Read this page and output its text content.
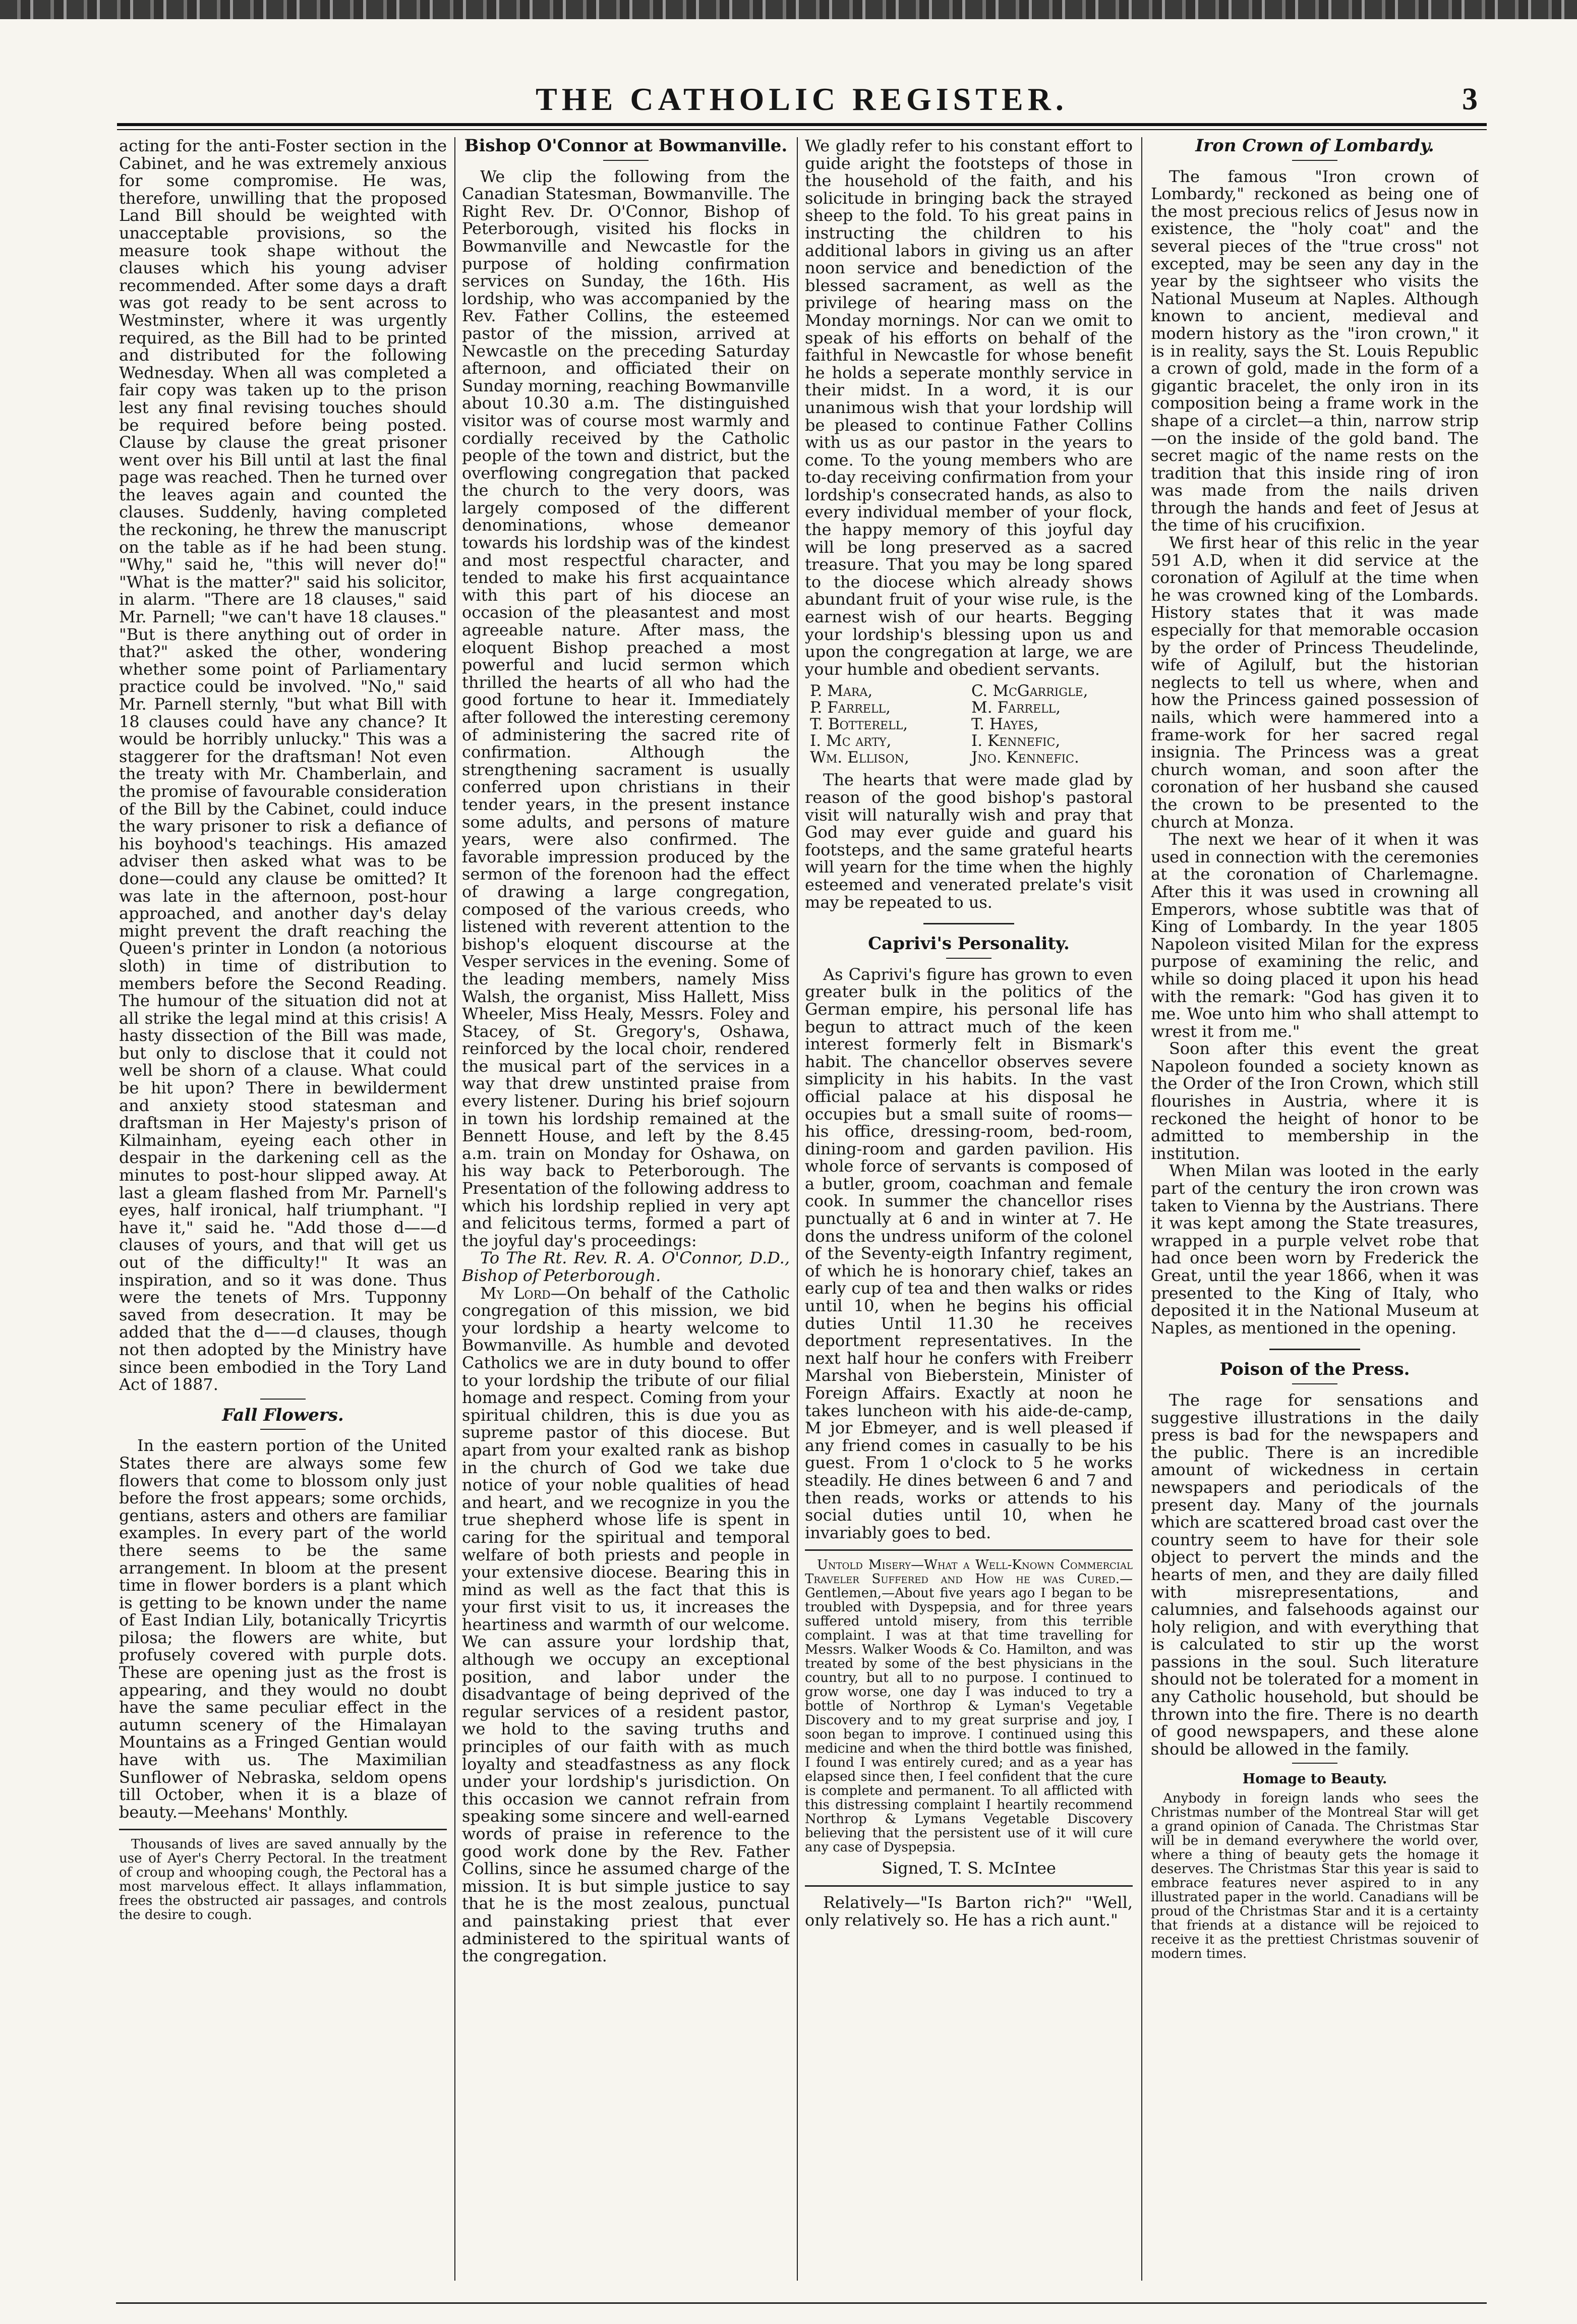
THE CATHOLIC REGISTER.	3

acting for the anti-Foster section in the Cabinet, and he was extremely anxious for some compromise. He was, therefore, unwilling that the proposed Land Bill should be weighted with unacceptable provisions, so the measure took shape without the clauses which his young adviser recommended. After some days a draft was got ready to be sent across to Westminster, where it was urgently required, as the Bill had to be printed and distributed for the following Wednesday. When all was completed a fair copy was taken up to the prison lest any final revising touches should be required before being posted. Clause by clause the great prisoner went over his Bill until at last the final page was reached. Then he turned over the leaves again and counted the clauses. Suddenly, having completed the reckoning, he threw the manuscript on the table as if he had been stung. "Why," said he, "this will never do!" "What is the matter?" said his solicitor, in alarm. "There are 18 clauses," said Mr. Parnell; "we can't have 18 clauses." "But is there anything out of order in that?" asked the other, wondering whether some point of Parliamentary practice could be involved. "No," said Mr. Parnell sternly, "but what Bill with 18 clauses could have any chance? It would be horribly unlucky." This was a staggerer for the draftsman! Not even the treaty with Mr. Chamberlain, and the promise of favourable consideration of the Bill by the Cabinet, could induce the wary prisoner to risk a defiance of his boyhood's teachings. His amazed adviser then asked what was to be done—could any clause be omitted? It was late in the afternoon, post-hour approached, and another day's delay might prevent the draft reaching the Queen's printer in London (a notorious sloth) in time of distribution to members before the Second Reading. The humour of the situation did not at all strike the legal mind at this crisis! A hasty dissection of the Bill was made, but only to disclose that it could not well be shorn of a clause. What could be hit upon? There in bewilderment and anxiety stood statesman and draftsman in Her Majesty's prison of Kilmainham, eyeing each other in despair in the darkening cell as the minutes to post-hour slipped away. At last a gleam flashed from Mr. Parnell's eyes, half ironical, half triumphant. "I have it," said he. "Add those d——d clauses of yours, and that will get us out of the difficulty!" It was an inspiration, and so it was done. Thus were the tenets of Mrs. Tupponny saved from desecration. It may be added that the d——d clauses, though not then adopted by the Ministry have since been embodied in the Tory Land Act of 1887.

Fall Flowers.

In the eastern portion of the United States there are always some few flowers that come to blossom only just before the frost appears; some orchids, gentians, asters and others are familiar examples. In every part of the world there seems to be the same arrangement. In bloom at the present time in flower borders is a plant which is getting to be known under the name of East Indian Lily, botanically Tricyrtis pilosa; the flowers are white, but profusely covered with purple dots. These are opening just as the frost is appearing, and they would no doubt have the same peculiar effect in the autumn scenery of the Himalayan Mountains as a Fringed Gentian would have with us. The Maximilian Sunflower of Nebraska, seldom opens till October, when it is a blaze of beauty.—Meehans' Monthly.

Thousands of lives are saved annually by the use of Ayer's Cherry Pectoral. In the treatment of croup and whooping cough, the Pectoral has a most marvelous effect. It allays inflammation, frees the obstructed air passages, and controls the desire to cough.

Bishop O'Connor at Bowmanville.

We clip the following from the Canadian Statesman, Bowmanville. The Right Rev. Dr. O'Connor, Bishop of Peterborough, visited his flocks in Bowmanville and Newcastle for the purpose of holding confirmation services on Sunday, the 16th. His lordship, who was accompanied by the Rev. Father Collins, the esteemed pastor of the mission, arrived at Newcastle on the preceding Saturday afternoon, and officiated their on Sunday morning, reaching Bowmanville about 10.30 a.m. The distinguished visitor was of course most warmly and cordially received by the Catholic people of the town and district, but the overflowing congregation that packed the church to the very doors, was largely composed of the different denominations, whose demeanor towards his lordship was of the kindest and most respectful character, and tended to make his first acquaintance with this part of his diocese an occasion of the pleasantest and most agreeable nature. After mass, the eloquent Bishop preached a most powerful and lucid sermon which thrilled the hearts of all who had the good fortune to hear it. Immediately after followed the interesting ceremony of administering the sacred rite of confirmation. Although the strengthening sacrament is usually conferred upon christians in their tender years, in the present instance some adults, and persons of mature years, were also confirmed. The favorable impression produced by the sermon of the forenoon had the effect of drawing a large congregation, composed of the various creeds, who listened with reverent attention to the bishop's eloquent discourse at the Vesper services in the evening. Some of the leading members, namely Miss Walsh, the organist, Miss Hallett, Miss Wheeler, Miss Healy, Messrs. Foley and Stacey, of St. Gregory's, Oshawa, reinforced by the local choir, rendered the musical part of the services in a way that drew unstinted praise from every listener. During his brief sojourn in town his lordship remained at the Bennett House, and left by the 8.45 a.m. train on Monday for Oshawa, on his way back to Peterborough. The Presentation of the following address to which his lordship replied in very apt and felicitous terms, formed a part of the joyful day's proceedings:

To The Rt. Rev. R. A. O'Connor, D.D., Bishop of Peterborough.

My Lord—On behalf of the Catholic congregation of this mission, we bid your lordship a hearty welcome to Bowmanville. As humble and devoted Catholics we are in duty bound to offer to your lordship the tribute of our filial homage and respect. Coming from your spiritual children, this is due you as supreme pastor of this diocese. But apart from your exalted rank as bishop in the church of God we take due notice of your noble qualities of head and heart, and we recognize in you the true shepherd whose life is spent in caring for the spiritual and temporal welfare of both priests and people in your extensive diocese. Bearing this in mind as well as the fact that this is your first visit to us, it increases the heartiness and warmth of our welcome. We can assure your lordship that, although we occupy an exceptional position, and labor under the disadvantage of being deprived of the regular services of a resident pastor, we hold to the saving truths and principles of our faith with as much loyalty and steadfastness as any flock under your lordship's jurisdiction. On this occasion we cannot refrain from speaking some sincere and well-earned words of praise in reference to the good work done by the Rev. Father Collins, since he assumed charge of the mission. It is but simple justice to say that he is the most zealous, punctual and painstaking priest that ever administered to the spiritual wants of the congregation.

We gladly refer to his constant effort to guide aright the footsteps of those in the household of the faith, and his solicitude in bringing back the strayed sheep to the fold. To his great pains in instructing the children to his additional labors in giving us an after noon service and benediction of the blessed sacrament, as well as the privilege of hearing mass on the Monday mornings. Nor can we omit to speak of his efforts on behalf of the faithful in Newcastle for whose benefit he holds a seperate monthly service in their midst. In a word, it is our unanimous wish that your lordship will be pleased to continue Father Collins with us as our pastor in the years to come. To the young members who are to-day receiving confirmation from your lordship's consecrated hands, as also to every individual member of your flock, the happy memory of this joyful day will be long preserved as a sacred treasure. That you may be long spared to the diocese which already shows abundant fruit of your wise rule, is the earnest wish of our hearts. Begging your lordship's blessing upon us and upon the congregation at large, we are your humble and obedient servants.

P. Mara,	C. McGarrigle,
P. Farrell,	M. Farrell,
T. Botterell,	T. Hayes,
I. Mc arty,	I. Kennefic,
Wm. Ellison,	Jno. Kennefic.

The hearts that were made glad by reason of the good bishop's pastoral visit will naturally wish and pray that God may ever guide and guard his footsteps, and the same grateful hearts will yearn for the time when the highly esteemed and venerated prelate's visit may be repeated to us.

Caprivi's Personality.

As Caprivi's figure has grown to even greater bulk in the politics of the German empire, his personal life has begun to attract much of the keen interest formerly felt in Bismark's habit. The chancellor observes severe simplicity in his habits. In the vast official palace at his disposal he occupies but a small suite of rooms—his office, dressing-room, bed-room, dining-room and garden pavilion. His whole force of servants is composed of a butler, groom, coachman and female cook. In summer the chancellor rises punctually at 6 and in winter at 7. He dons the undress uniform of the colonel of the Seventy-eigth Infantry regiment, of which he is honorary chief, takes an early cup of tea and then walks or rides until 10, when he begins his official duties Until 11.30 he receives deportment representatives. In the next half hour he confers with Freiberr Marshal von Bieberstein, Minister of Foreign Affairs. Exactly at noon he takes luncheon with his aide-de-camp, M jor Ebmeyer, and is well pleased if any friend comes in casually to be his guest. From 1 o'clock to 5 he works steadily. He dines between 6 and 7 and then reads, works or attends to his social duties until 10, when he invariably goes to bed.

Untold Misery—What a Well-Known Commercial Traveler Suffered and How he was Cured.—Gentlemen,—About five years ago I began to be troubled with Dyspepsia, and for three years suffered untold misery, from this terrible complaint. I was at that time travelling for Messrs. Walker Woods & Co. Hamilton, and was treated by some of the best physicians in the country, but all to no purpose. I continued to grow worse, one day I was induced to try a bottle of Northrop & Lyman's Vegetable Discovery and to my great surprise and joy, I soon began to improve. I continued using this medicine and when the third bottle was finished, I found I was entirely cured; and as a year has elapsed since then, I feel confident that the cure is complete and permanent. To all afflicted with this distressing complaint I heartily recommend Northrop & Lymans Vegetable Discovery believing that the persistent use of it will cure any case of Dyspepsia.

Signed, T. S. McIntee

Relatively—"Is Barton rich?" "Well, only relatively so. He has a rich aunt."

Iron Crown of Lombardy.

The famous "Iron crown of Lombardy," reckoned as being one of the most precious relics of Jesus now in existence, the "holy coat" and the several pieces of the "true cross" not excepted, may be seen any day in the year by the sightseer who visits the National Museum at Naples. Although known to ancient, medieval and modern history as the "iron crown," it is in reality, says the St. Louis Republic a crown of gold, made in the form of a gigantic bracelet, the only iron in its composition being a frame work in the shape of a circlet—a thin, narrow strip —on the inside of the gold band. The secret magic of the name rests on the tradition that this inside ring of iron was made from the nails driven through the hands and feet of Jesus at the time of his crucifixion.

We first hear of this relic in the year 591 A.D, when it did service at the coronation of Agilulf at the time when he was crowned king of the Lombards. History states that it was made especially for that memorable occasion by the order of Princess Theudelinde, wife of Agilulf, but the historian neglects to tell us where, when and how the Princess gained possession of nails, which were hammered into a frame-work for her sacred regal insignia. The Princess was a great church woman, and soon after the coronation of her husband she caused the crown to be presented to the church at Monza.

The next we hear of it when it was used in connection with the ceremonies at the coronation of Charlemagne. After this it was used in crowning all Emperors, whose subtitle was that of King of Lombardy. In the year 1805 Napoleon visited Milan for the express purpose of examining the relic, and while so doing placed it upon his head with the remark: "God has given it to me. Woe unto him who shall attempt to wrest it from me."

Soon after this event the great Napoleon founded a society known as the Order of the Iron Crown, which still flourishes in Austria, where it is reckoned the height of honor to be admitted to membership in the institution.

When Milan was looted in the early part of the century the iron crown was taken to Vienna by the Austrians. There it was kept among the State treasures, wrapped in a purple velvet robe that had once been worn by Frederick the Great, until the year 1866, when it was presented to the King of Italy, who deposited it in the National Museum at Naples, as mentioned in the opening.

Poison of the Press.

The rage for sensations and suggestive illustrations in the daily press is bad for the newspapers and the public. There is an incredible amount of wickedness in certain newspapers and periodicals of the present day. Many of the journals which are scattered broad cast over the country seem to have for their sole object to pervert the minds and the hearts of men, and they are daily filled with misrepresentations, and calumnies, and falsehoods against our holy religion, and with everything that is calculated to stir up the worst passions in the soul. Such literature should not be tolerated for a moment in any Catholic household, but should be thrown into the fire. There is no dearth of good newspapers, and these alone should be allowed in the family.

Homage to Beauty.

Anybody in foreign lands who sees the Christmas number of the Montreal Star will get a grand opinion of Canada. The Christmas Star will be in demand everywhere the world over, where a thing of beauty gets the homage it deserves. The Christmas Star this year is said to embrace features never aspired to in any illustrated paper in the world. Canadians will be proud of the Christmas Star and it is a certainty that friends at a distance will be rejoiced to receive it as the prettiest Christmas souvenir of modern times.
